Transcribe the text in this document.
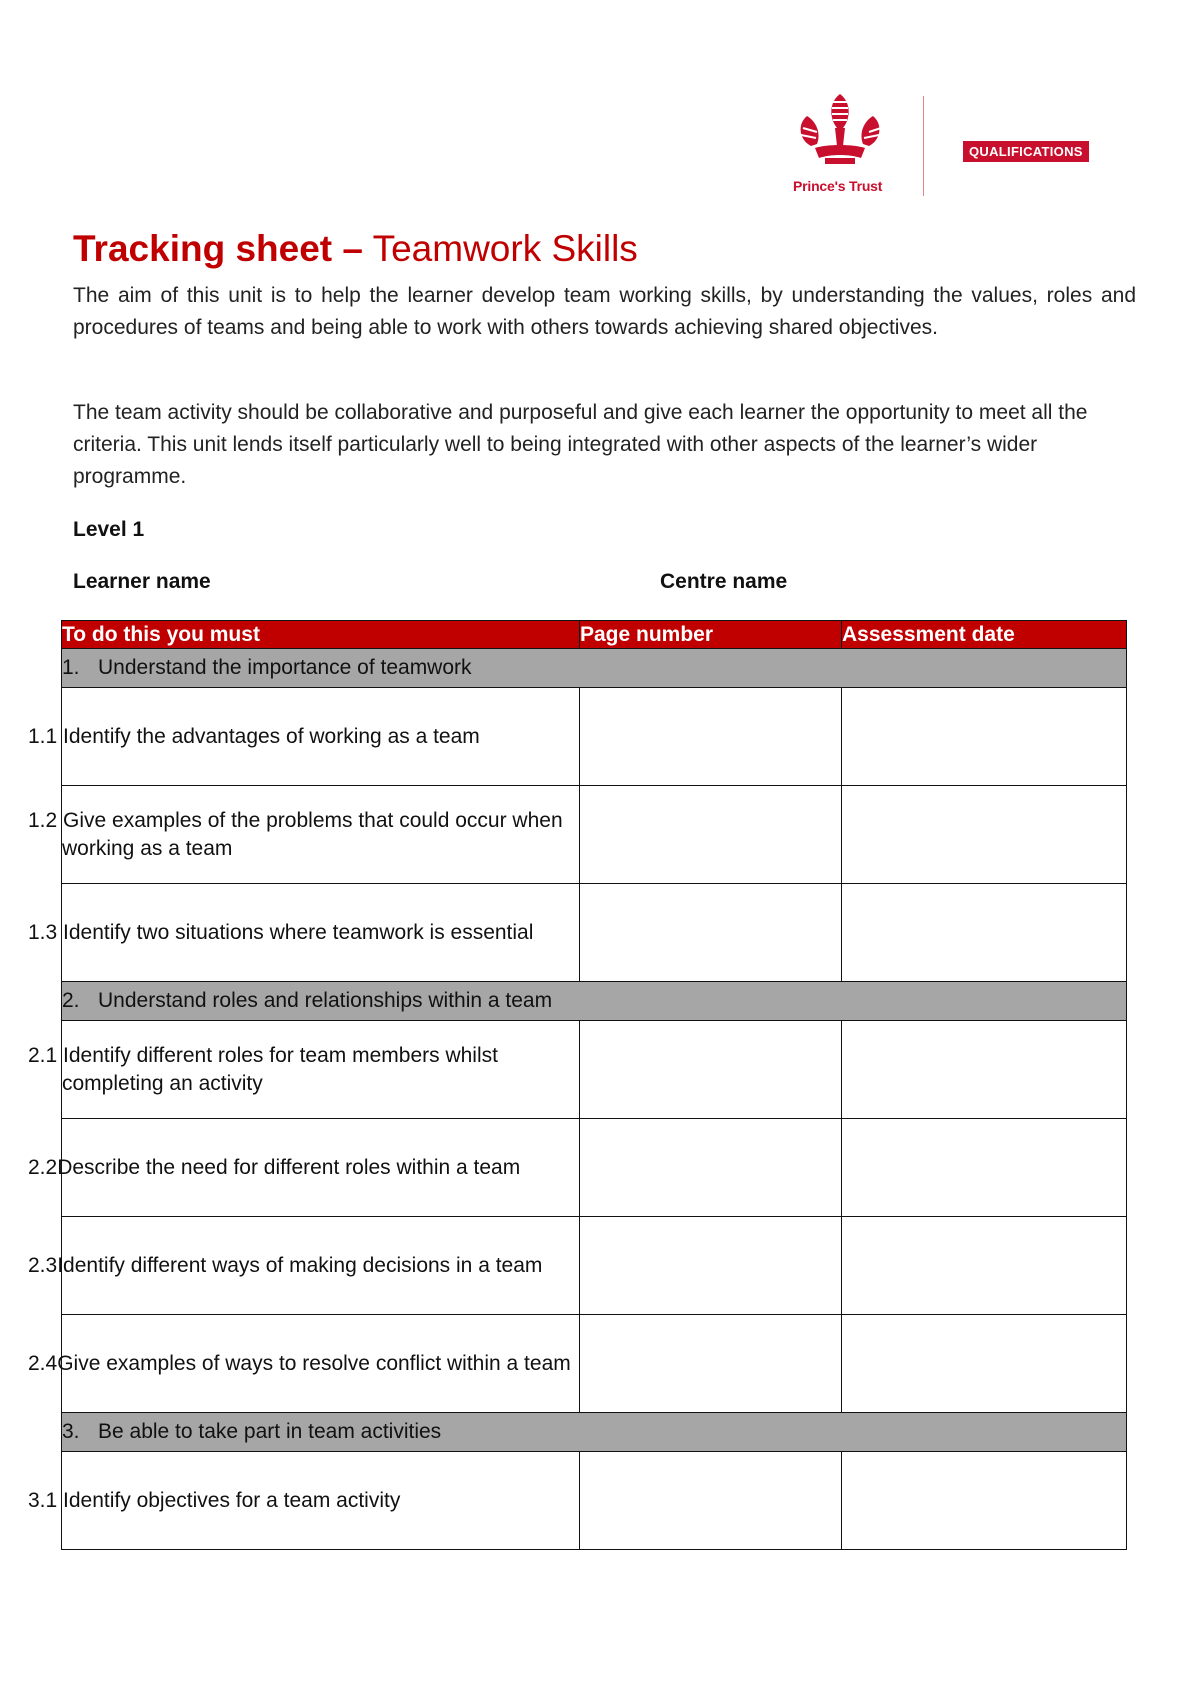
Prince's Trust
QUALIFICATIONS
Tracking sheet – Teamwork Skills

The aim of this unit is to help the learner develop team working skills, by understanding the values, roles and procedures of teams and being able to work with others towards achieving shared objectives.

The team activity should be collaborative and purposeful and give each learner the opportunity to meet all the criteria. This unit lends itself particularly well to being integrated with other aspects of the learner’s wider programme.

Level 1

Learner name	Centre name
To do this you must	Page number	Assessment date
1. Understand the importance of teamwork		
1.1 Identify the advantages of working as a team		
1.2 Give examples of the problems that could occur when working as a team		
1.3 Identify two situations where teamwork is essential		
2. Understand roles and relationships within a team		
2.1 Identify different roles for team members whilst completing an activity		
2.2Describe the need for different roles within a team		
2.3Identify different ways of making decisions in a team		
2.4Give examples of ways to resolve conflict within a team		
3. Be able to take part in team activities		
3.1 Identify objectives for a team activity		
